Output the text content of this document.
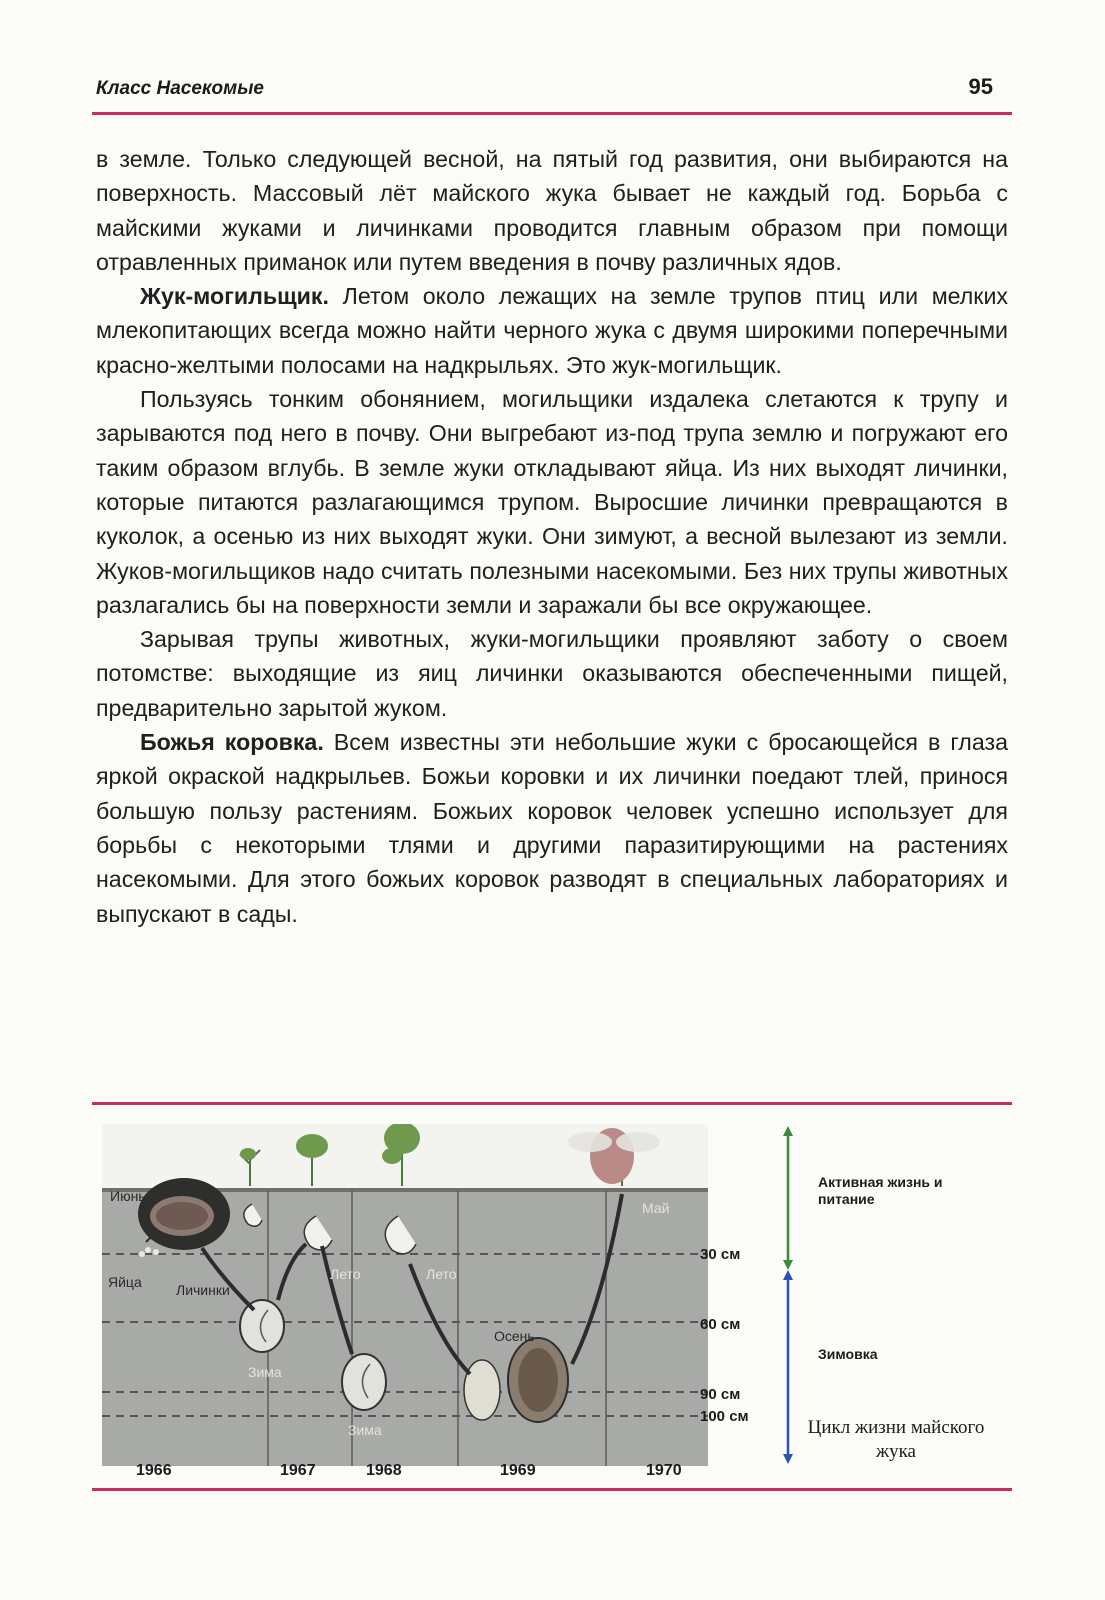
Класс Насекомые	95

в земле. Только следующей весной, на пятый год развития, они выбираются на поверхность. Массовый лёт майского жука бывает не каждый год. Борьба с майскими жуками и личинками проводится главным образом при помощи отравленных приманок или путем введения в почву различных ядов.

Жук-могильщик. Летом около лежащих на земле трупов птиц или мелких млекопитающих всегда можно найти черного жука с двумя широкими поперечными красно-желтыми полосами на надкрыльях. Это жук-могильщик.

Пользуясь тонким обонянием, могильщики издалека слетаются к трупу и зарываются под него в почву. Они выгребают из-под трупа землю и погружают его таким образом вглубь. В земле жуки откладывают яйца. Из них выходят личинки, которые питаются разлагающимся трупом. Выросшие личинки превращаются в куколок, а осенью из них выходят жуки. Они зимуют, а весной вылезают из земли. Жуков-могильщиков надо считать полезными насекомыми. Без них трупы животных разлагались бы на поверхности земли и заражали бы все окружающее.

Зарывая трупы животных, жуки-могильщики проявляют заботу о своем потомстве: выходящие из яиц личинки оказываются обеспеченными пищей, предварительно зарытой жуком.

Божья коровка. Всем известны эти небольшие жуки с бросающейся в глаза яркой окраской надкрыльев. Божьи коровки и их личинки поедают тлей, принося большую пользу растениям. Божьих коровок человек успешно использует для борьбы с некоторыми тлями и другими паразитирующими на растениях насекомыми. Для этого божьих коровок разводят в специальных лабораториях и выпускают в сады.

Июнь
Яйца Личинки
Лето	Лето
Зима
Зима
Осень
Май
30 см
60 см
90 см
100 см
Активная жизнь и питание
Зимовка
Цикл жизни майского жука
1966	1967	1968	1969	1970
